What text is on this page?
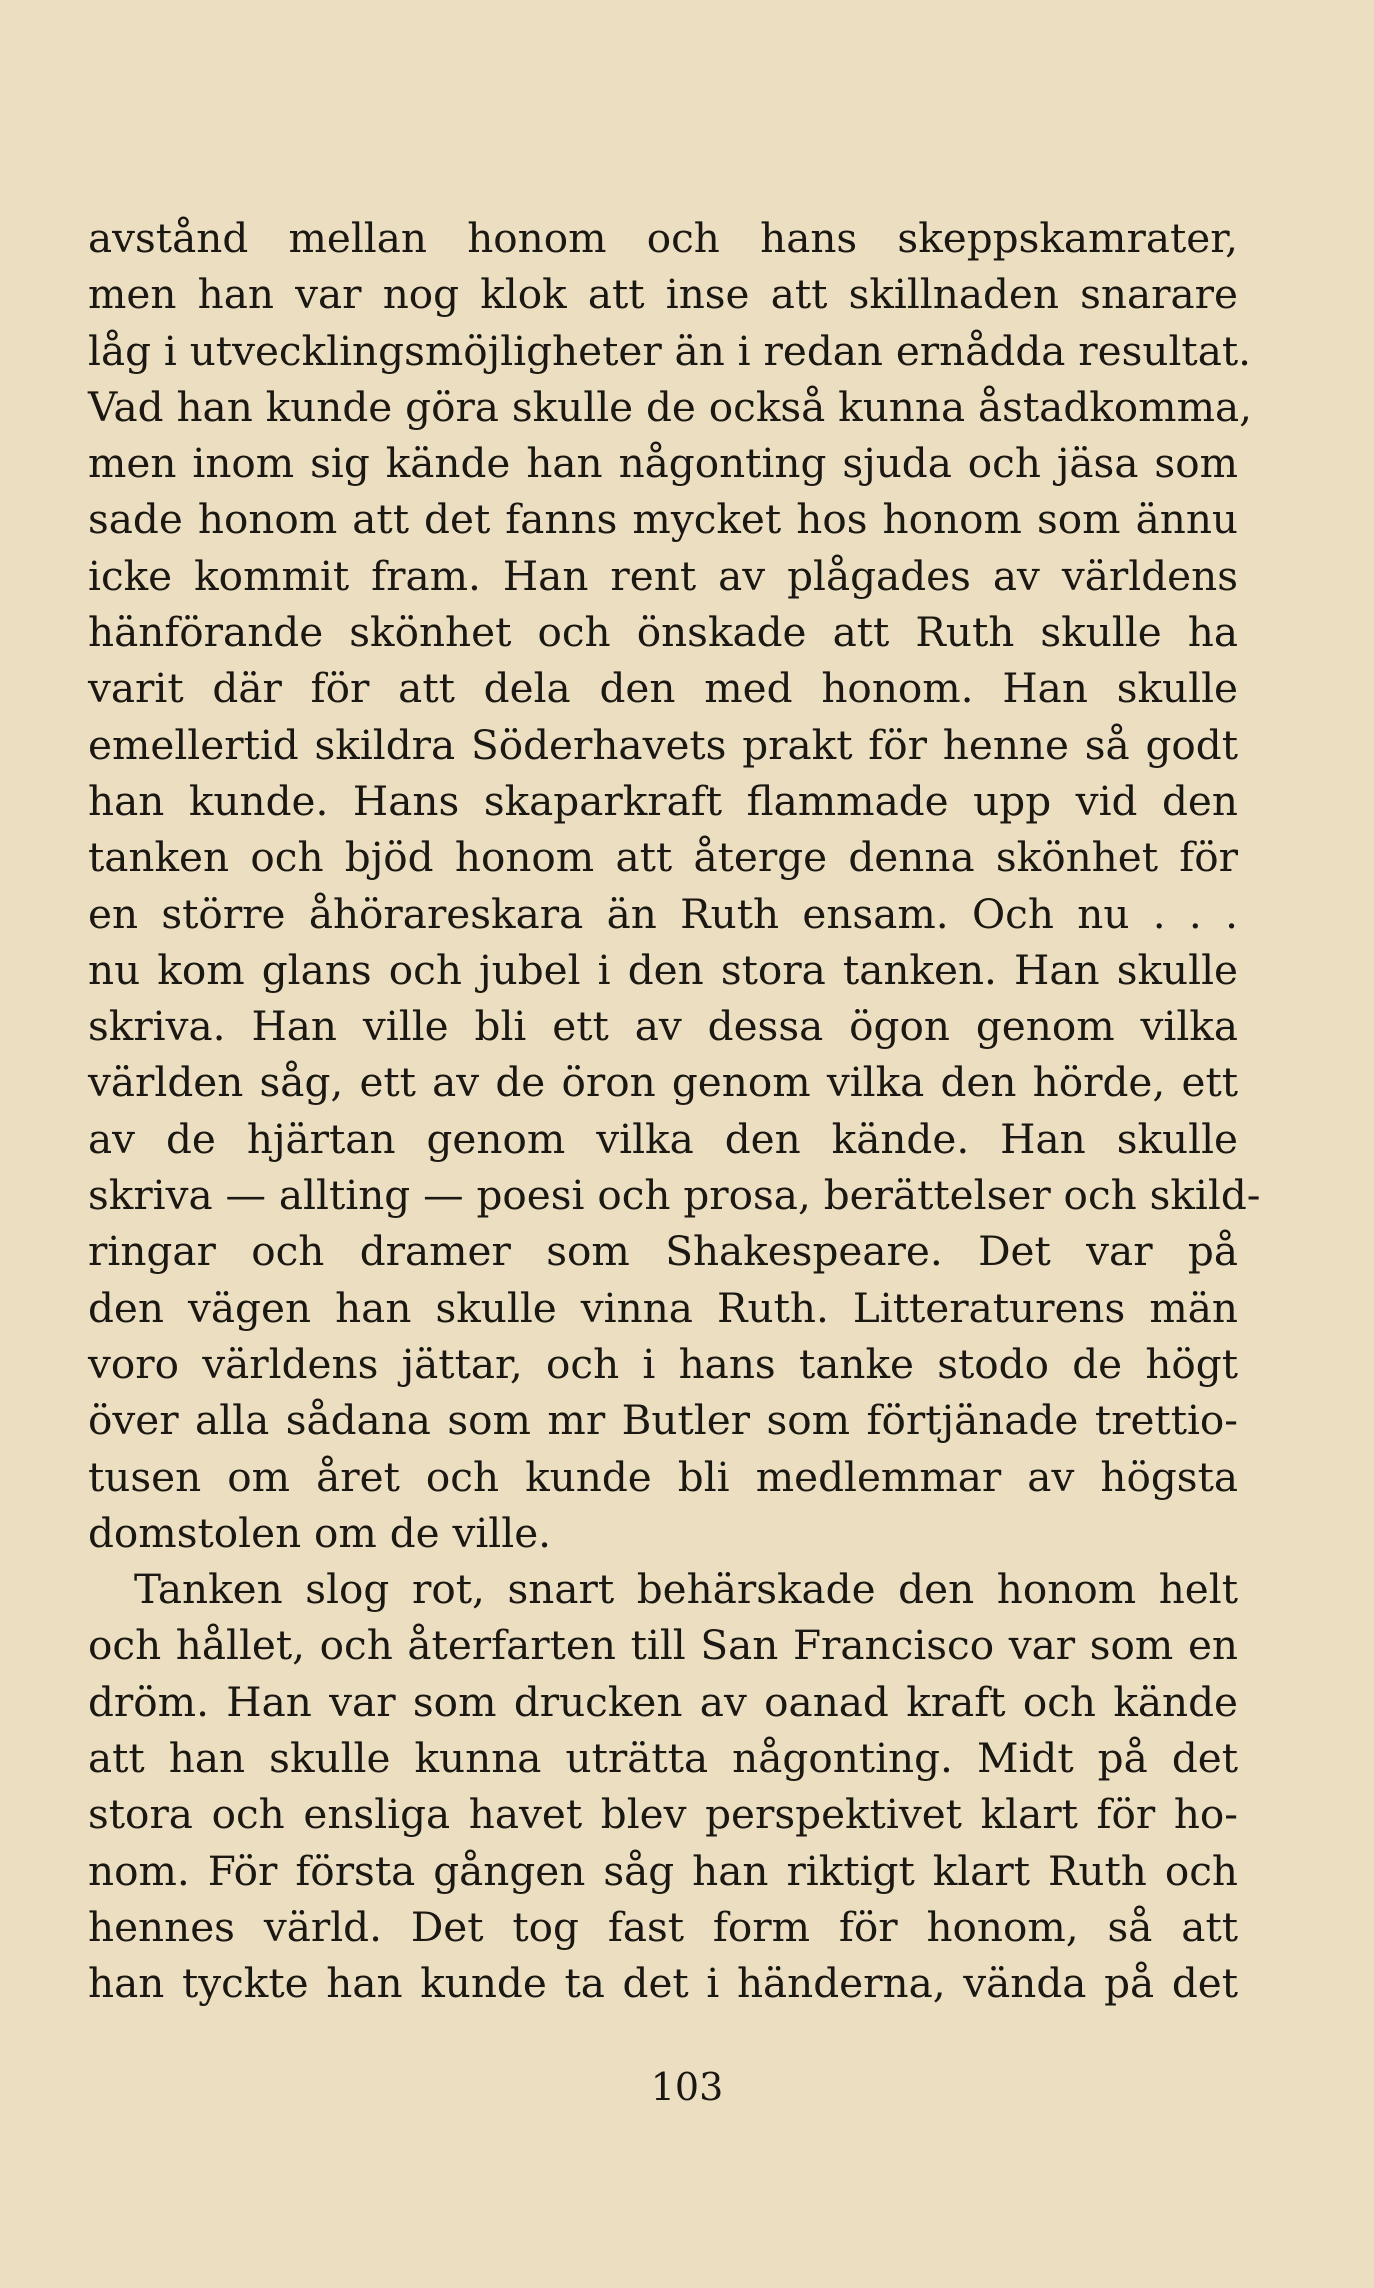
avstånd mellan honom och hans skeppskamrater,
men han var nog klok att inse att skillnaden snarare
låg i utvecklingsmöjligheter än i redan ernådda resultat.
Vad han kunde göra skulle de också kunna åstadkomma,
men inom sig kände han någonting sjuda och jäsa som
sade honom att det fanns mycket hos honom som ännu
icke kommit fram. Han rent av plågades av världens
hänförande skönhet och önskade att Ruth skulle ha
varit där för att dela den med honom. Han skulle
emellertid skildra Söderhavets prakt för henne så godt
han kunde. Hans skaparkraft flammade upp vid den
tanken och bjöd honom att återge denna skönhet för
en större åhörareskara än Ruth ensam. Och nu . . .
nu kom glans och jubel i den stora tanken. Han skulle
skriva. Han ville bli ett av dessa ögon genom vilka
världen såg, ett av de öron genom vilka den hörde, ett
av de hjärtan genom vilka den kände. Han skulle
skriva — allting — poesi och prosa, berättelser och skild-
ringar och dramer som Shakespeare. Det var på
den vägen han skulle vinna Ruth. Litteraturens män
voro världens jättar, och i hans tanke stodo de högt
över alla sådana som mr Butler som förtjänade trettio-
tusen om året och kunde bli medlemmar av högsta
domstolen om de ville.
Tanken slog rot, snart behärskade den honom helt
och hållet, och återfarten till San Francisco var som en
dröm. Han var som drucken av oanad kraft och kände
att han skulle kunna uträtta någonting. Midt på det
stora och ensliga havet blev perspektivet klart för ho-
nom. För första gången såg han riktigt klart Ruth och
hennes värld. Det tog fast form för honom, så att
han tyckte han kunde ta det i händerna, vända på det
103
